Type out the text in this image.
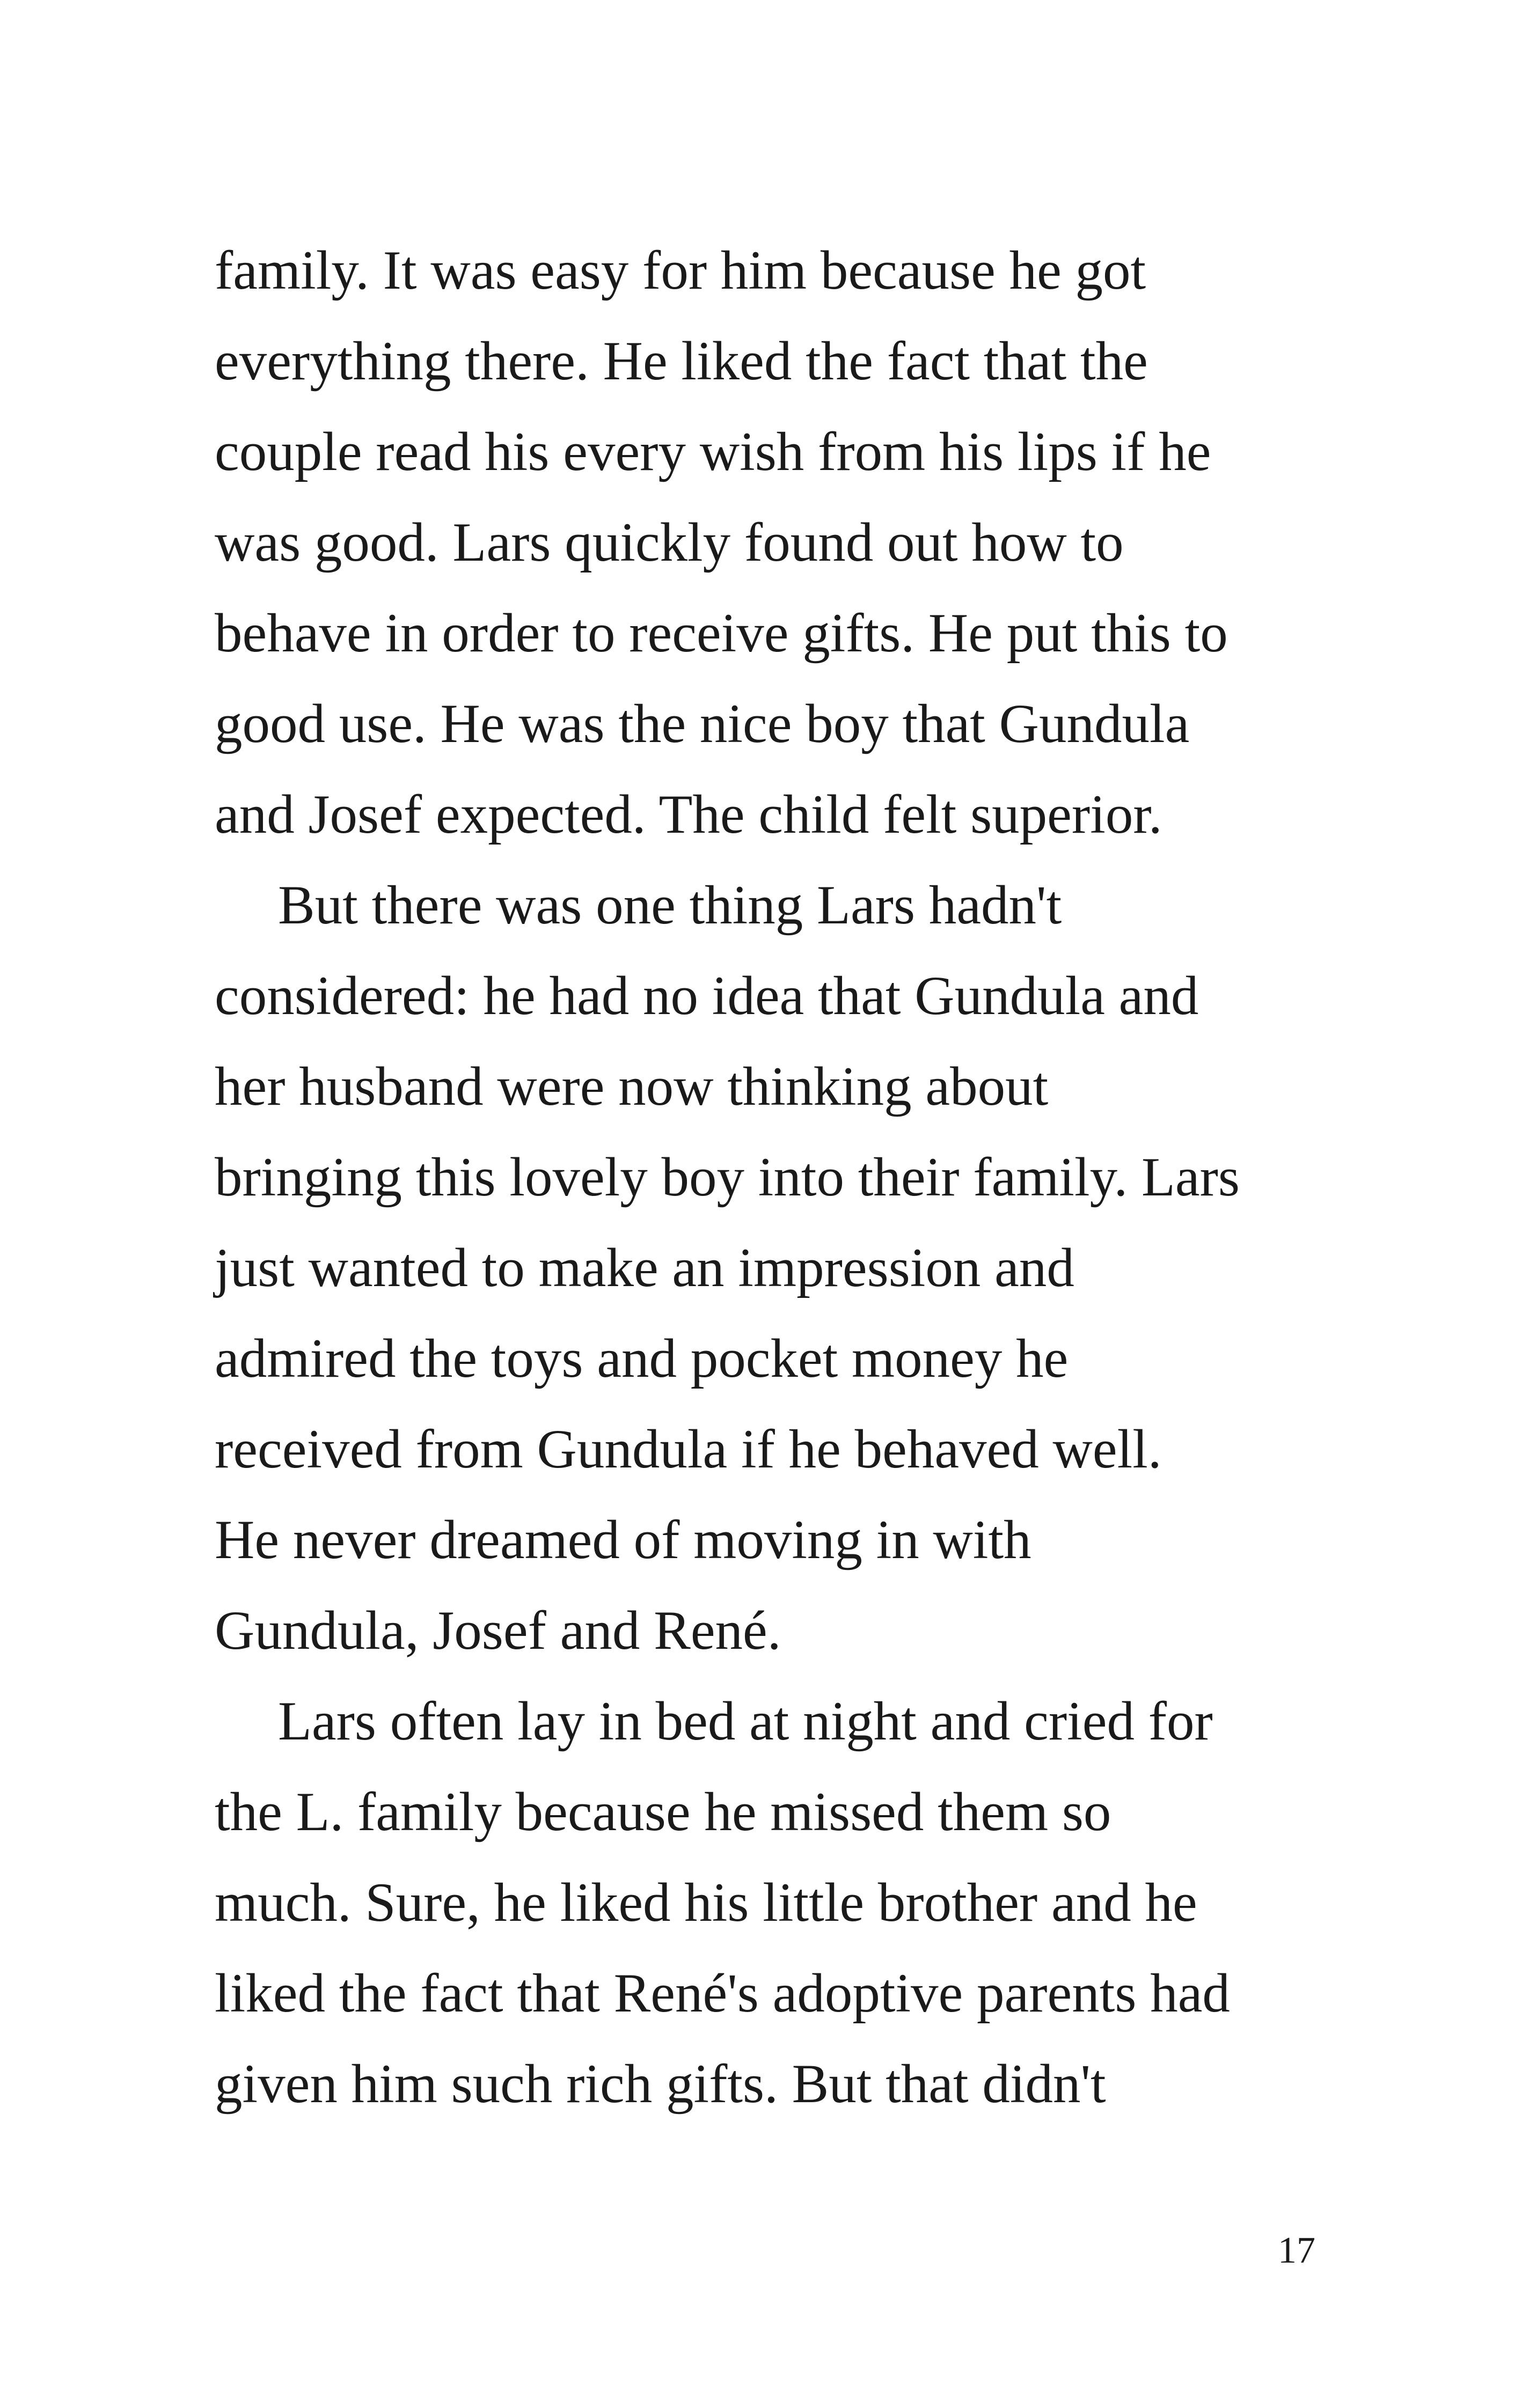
family. It was easy for him because he got
everything there. He liked the fact that the
couple read his every wish from his lips if he
was good. Lars quickly found out how to
behave in order to receive gifts. He put this to
good use. He was the nice boy that Gundula
and Josef expected. The child felt superior.
But there was one thing Lars hadn't
considered: he had no idea that Gundula and
her husband were now thinking about
bringing this lovely boy into their family. Lars
just wanted to make an impression and
admired the toys and pocket money he
received from Gundula if he behaved well.
He never dreamed of moving in with
Gundula, Josef and René.
Lars often lay in bed at night and cried for
the L. family because he missed them so
much. Sure, he liked his little brother and he
liked the fact that René's adoptive parents had
given him such rich gifts. But that didn't
17
